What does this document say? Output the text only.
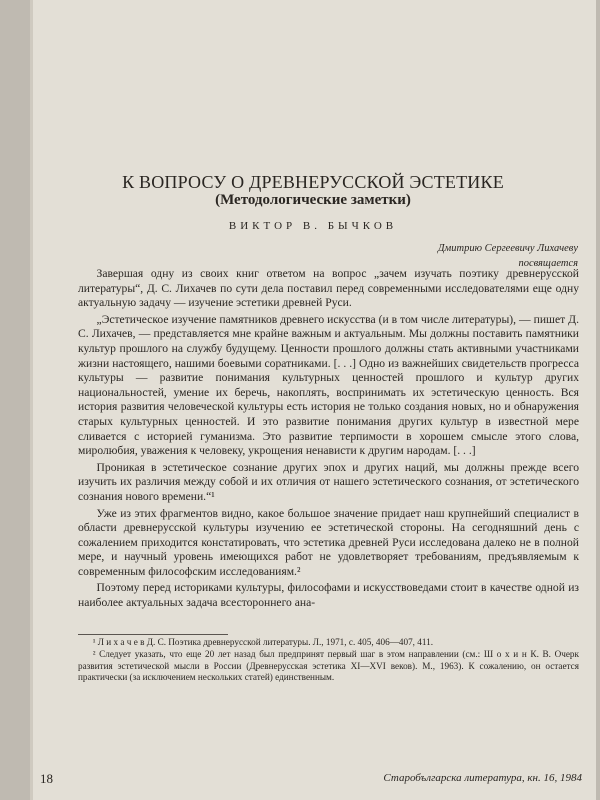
К ВОПРОСУ О ДРЕВНЕРУССКОЙ ЭСТЕТИКЕ
(Методологические заметки)
ВИКТОР В. БЫЧКОВ
Дмитрию Сергеевичу Лихачеву
посвящается

Завершая одну из своих книг ответом на вопрос „зачем изучать поэтику древнерусской литературы“, Д. С. Лихачев по сути дела поставил перед современными исследователями еще одну актуальную задачу — изучение эстетики древней Руси.

„Эстетическое изучение памятников древнего искусства (и в том числе литературы), — пишет Д. С. Лихачев, — представляется мне крайне важным и актуальным. Мы должны поставить памятники культур прошлого на службу будущему. Ценности прошлого должны стать активными участниками жизни настоящего, нашими боевыми соратниками. [. . .] Одно из важнейших свидетельств прогресса культуры — развитие понимания культурных ценностей прошлого и культур других национальностей, умение их беречь, накоплять, воспринимать их эстетическую ценность. Вся история развития человеческой культуры есть история не только создания новых, но и обнаружения старых культурных ценностей. И это развитие понимания других культур в известной мере сливается с историей гуманизма. Это развитие терпимости в хорошем смысле этого слова, миролюбия, уважения к человеку, укрощения ненависти к другим народам. [. . .]

Проникая в эстетическое сознание других эпох и других наций, мы должны прежде всего изучить их различия между собой и их отличия от нашего эстетического сознания, от эстетического сознания нового времени.“¹

Уже из этих фрагментов видно, какое большое значение придает наш крупнейший специалист в области древнерусской культуры изучению ее эстетической стороны. На сегодняшний день с сожалением приходится констатировать, что эстетика древней Руси исследована далеко не в полной мере, и научный уровень имеющихся работ не удовлетворяет требованиям, предъявляемым к современным философским исследованиям.²

Поэтому перед историками культуры, философами и искусствоведами стоит в качестве одной из наиболее актуальных задача всестороннего ана-

¹ Л и х а ч е в Д. С. Поэтика древнерусской литературы. Л., 1971, с. 405, 406—407, 411.

² Следует указать, что еще 20 лет назад был предпринят первый шаг в этом направлении (см.: Ш о х и н К. В. Очерк развития эстетической мысли в России (Древнерусская эстетика XI—XVI веков). М., 1963). К сожалению, он остается практически (за исключением нескольких статей) единственным.

18	Старобългарска литература, кн. 16, 1984
